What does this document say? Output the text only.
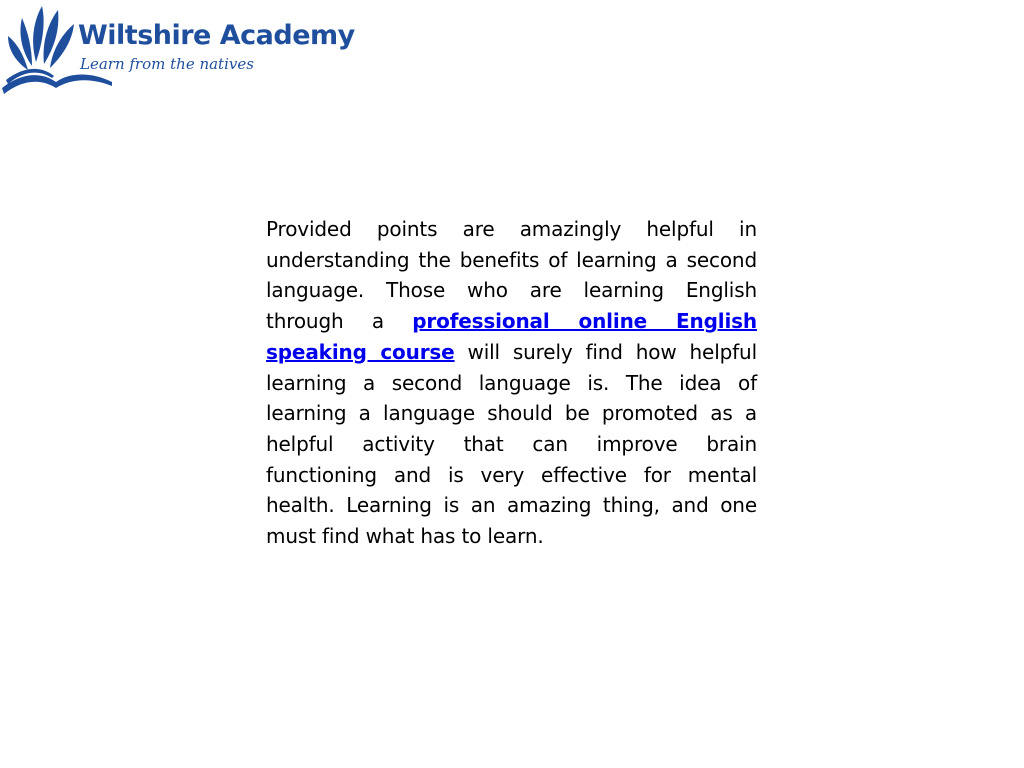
Wiltshire Academy
Learn from the natives

Provided points are amazingly helpful in understanding the benefits of learning a second language. Those who are learning English through a professional online English speaking course will surely find how helpful learning a second language is. The idea of learning a language should be promoted as a helpful activity that can improve brain functioning and is very effective for mental health. Learning is an amazing thing, and one must find what has to learn.
